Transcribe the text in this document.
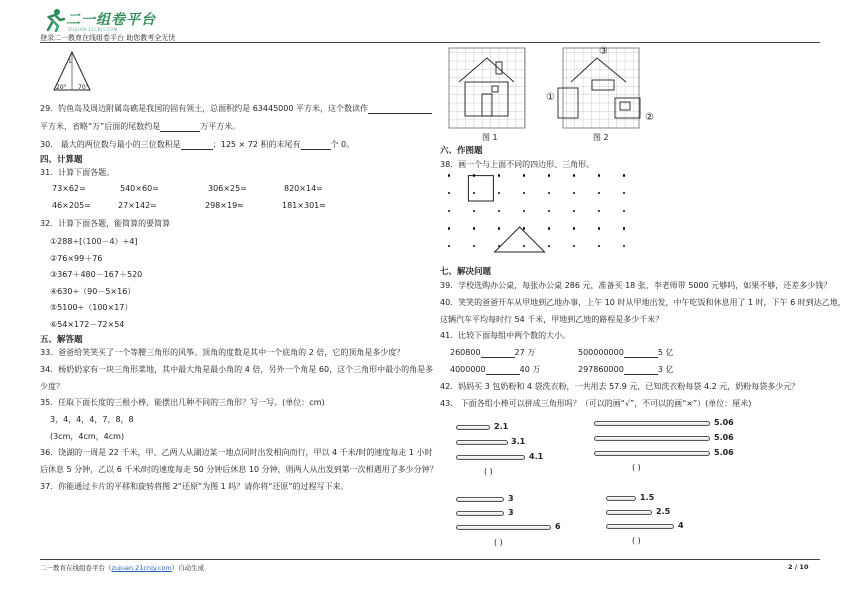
二一组卷平台
ZUJUAN.21CNJY.COM
登录二一教育在线组卷平台 助您教考全无忧
1
20° 70°
29．钓鱼岛及周边附属岛礁是我国的固有领土，总面积约是 63445000 平方米，这个数读作
平方米，省略“万”后面的尾数约是	万平方米。
30． 最大的两位数与最小的三位数积是	；125 × 72 积的末尾有	个 0。
四、计算题
31．计算下面各题。
73×62=	540×60=	306×25=	820×14=
46×205=	27×142=	298×19≈	181×301≈
32．计算下面各题，能简算的要简算
①288÷[（100－4）÷4]
②76×99＋76
③367＋480－167＋520
④630÷（90－5×16）
⑤5100÷（100×17）
⑥54×172－72×54
五、解答题
33．爸爸给笑笑买了一个等腰三角形的风筝。顶角的度数是其中一个底角的 2 倍，它的顶角是多少度？
34．杨奶奶家有一块三角形菜地，其中最大角是最小角的 4 倍，另外一个角是 60，这个三角形中最小的角是多
少度？
35．任取下面长度的三根小棒，能摆出几种不同的三角形？写一写。(单位：cm)
3，4，4，4，7，8，8
(3cm，4cm，4cm)
36．饶湖的一周是 22 千米，甲、乙两人从湖边某一地点同时出发相向而行，甲以 4 千米/时的速度每走 1 小时
后休息 5 分钟，乙以 6 千米/时的速度每走 50 分钟后休息 10 分钟，则两人从出发到第一次相遇用了多少分钟？
37．你能通过卡片的平移和旋转将图 2“还原”为图 1 吗？请你将“还原”的过程写下来。
①
③
②
图 1	图 2
六、作图题
38．画一个与上面不同的四边形、三角形。
七、解决问题
39．学校选购办公桌，每张办公桌 286 元，准备买 18 张，李老师带 5000 元够吗，如果不够，还差多少钱？
40．笑笑的爸爸开车从甲地到乙地办事，上午 10 时从甲地出发，中午吃饭和休息用了 1 时，下午 6 时到达乙地，
这辆汽车平均每时行 54 千米，甲地到乙地的路程是多少千米？
41．比较下面每组中两个数的大小。
260800	27 万	500000000	5 亿
4000000	40 万	297860000	3 亿
42．妈妈买 3 包奶粉和 4 袋洗衣粉，一共用去 57.9 元，已知洗衣粉每袋 4.2 元，奶粉每袋多少元？
43． 下面各组小棒可以拼成三角形吗？（可以的画“√”，不可以的画“×”）(单位：厘米)
2.1
3.1
4.1
( )
5.06
5.06
5.06
( )
3
3
6
( )
1.5
2.5
4
( )
二一教育在线组卷平台（zujuan.21cnjy.com）自动生成	2 / 10
